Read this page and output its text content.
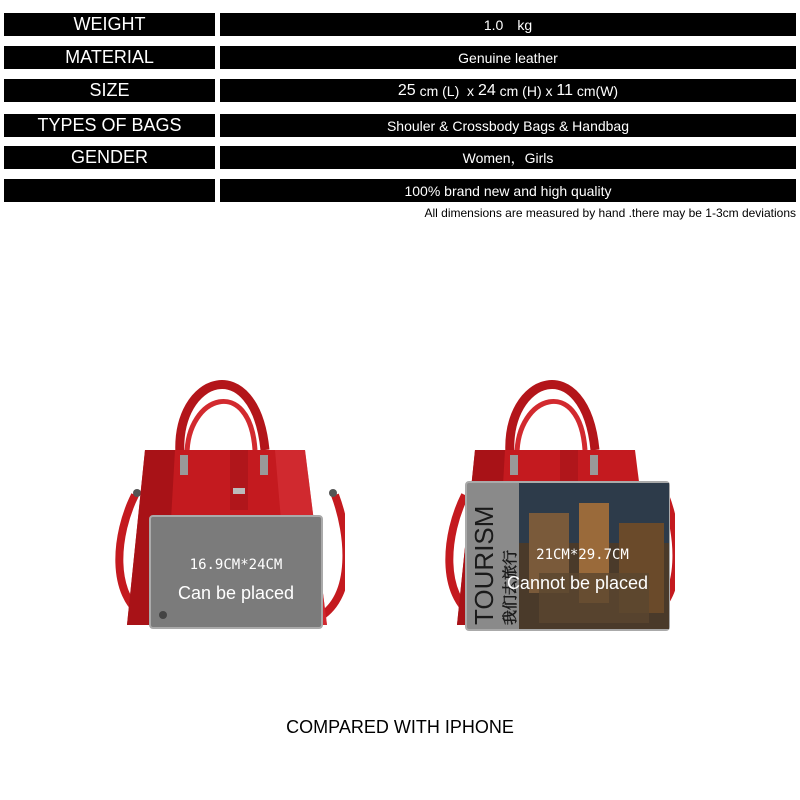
WEIGHT	1.0　kg
MATERIAL	Genuine leather
SIZE	25 cm (L)  x 24 cm (H) x 11 cm(W)
TYPES OF BAGS	Shouler & Crossbody Bags & Handbag
GENDER	Women，Girls
100% brand new and high quality
All dimensions are measured by hand .there may be 1-3cm deviations
16.9CM*24CM
Can be placed	TOURISM 我们去旅行	21CM*29.7CM
Cannot be placed
COMPARED WITH IPHONE
